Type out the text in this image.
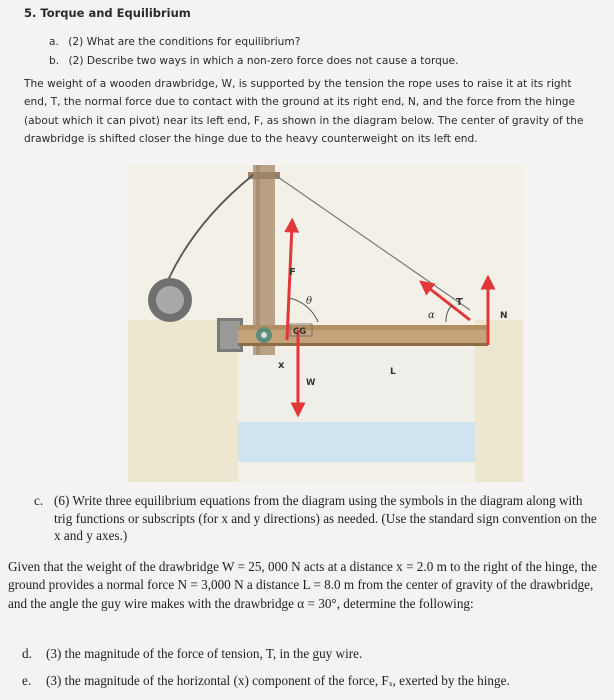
5. Torque and Equilibrium
a. (2) What are the conditions for equilibrium?
b. (2) Describe two ways in which a non-zero force does not cause a torque.

The weight of a wooden drawbridge, W, is supported by the tension the rope uses to raise it at its right end, T, the normal force due to contact with the ground at its right end, N, and the force from the hinge (about which it can pivot) near its left end, F, as shown in the diagram below. The center of gravity of the drawbridge is shifted closer the hinge due to the heavy counterweight on its left end.

F
θ
CG
x
W
L
α
T
N
c. (6) Write three equilibrium equations from the diagram using the symbols in the diagram along with trig functions or subscripts (for x and y directions) as needed. (Use the standard sign convention on the x and y axes.)

Given that the weight of the drawbridge W = 25, 000 N acts at a distance x = 2.0 m to the right of the hinge, the ground provides a normal force N = 3,000 N a distance L = 8.0 m from the center of gravity of the drawbridge, and the angle the guy wire makes with the drawbridge α = 30°, determine the following:

d. (3) the magnitude of the force of tension, T, in the guy wire.
e. (3) the magnitude of the horizontal (x) component of the force, Fₓ, exerted by the hinge.
